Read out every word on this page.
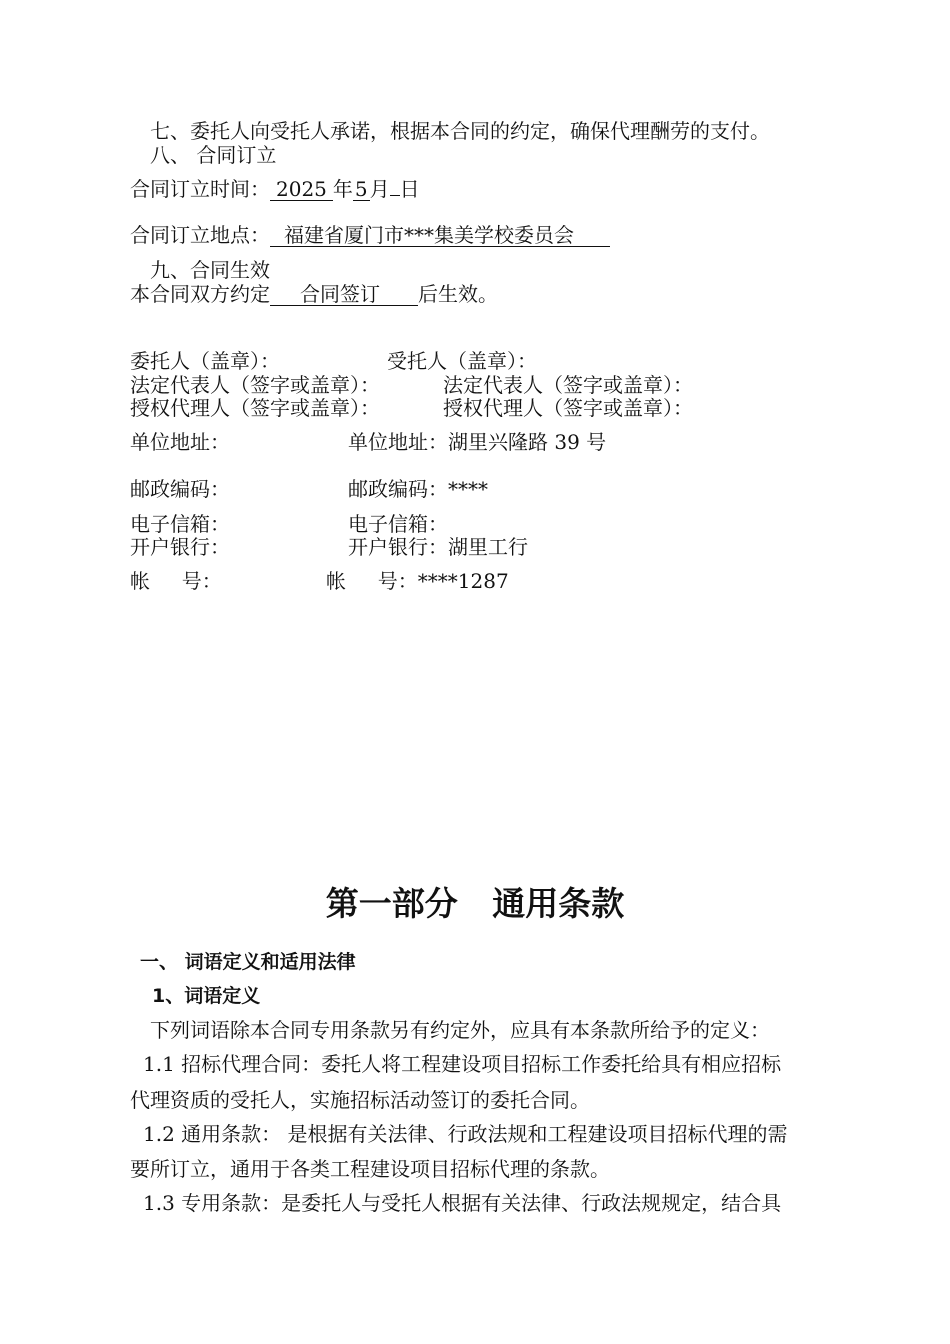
七、委托人向受托人承诺，根据本合同的约定，确保代理酬劳的支付。
八、 合同订立
合同订立时间： 2025 年 5 月 日
合同订立地点： 福建省厦门市***集美学校委员会
九、合同生效
本合同双方约定 合同签订 后生效。
委托人（盖章）：	受托人（盖章）：
法定代表人（签字或盖章）：	法定代表人（签字或盖章）：
授权代理人（签字或盖章）：	授权代理人（签字或盖章）：
单位地址：	单位地址：湖里兴隆路 39 号
邮政编码：	邮政编码：****
电子信箱：	电子信箱：
开户银行：	开户银行：湖里工行
帐     号：	帐     号：****1287
第一部分   通用条款
一、 词语定义和适用法律
1、词语定义
下列词语除本合同专用条款另有约定外，应具有本条款所给予的定义：
1.1 招标代理合同：委托人将工程建设项目招标工作委托给具有相应招标
代理资质的受托人，实施招标活动签订的委托合同。
1.2 通用条款： 是根据有关法律、行政法规和工程建设项目招标代理的需
要所订立，通用于各类工程建设项目招标代理的条款。
1.3 专用条款：是委托人与受托人根据有关法律、行政法规规定，结合具
